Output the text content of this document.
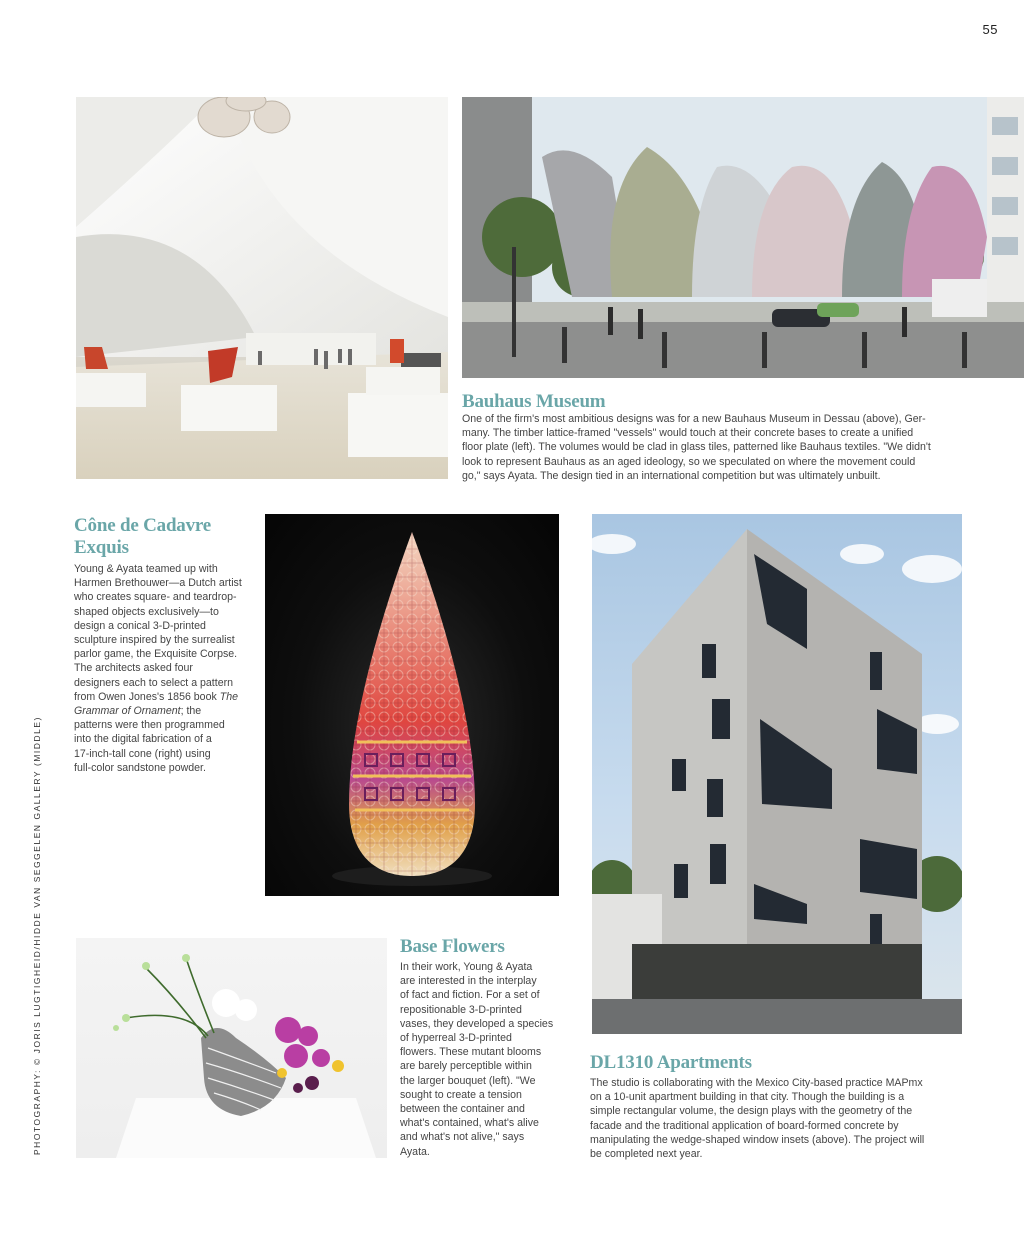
55
Bauhaus Museum
One of the firm's most ambitious designs was for a new Bauhaus Museum in Dessau (above), Ger-
many. The timber lattice-framed "vessels" would touch at their concrete bases to create a unified
floor plate (left). The volumes would be clad in glass tiles, patterned like Bauhaus textiles. "We didn't
look to represent Bauhaus as an aged ideology, so we speculated on where the movement could
go," says Ayata. The design tied in an international competition but was ultimately unbuilt.
Cône de Cadavre
Exquis
Young & Ayata teamed up with
Harmen Brethouwer—a Dutch artist
who creates square- and teardrop-
shaped objects exclusively—to
design a conical 3-D-printed
sculpture inspired by the surrealist
parlor game, the Exquisite Corpse.
The architects asked four
designers each to select a pattern
from Owen Jones's 1856 book The
Grammar of Ornament; the
patterns were then programmed
into the digital fabrication of a
17-inch-tall cone (right) using
full-color sandstone powder.
Base Flowers
In their work, Young & Ayata
are interested in the interplay
of fact and fiction. For a set of
repositionable 3-D-printed
vases, they developed a species
of hyperreal 3-D-printed
flowers. These mutant blooms
are barely perceptible within
the larger bouquet (left). "We
sought to create a tension
between the container and
what's contained, what's alive
and what's not alive," says
Ayata.
DL1310 Apartments
The studio is collaborating with the Mexico City-based practice MAPmx
on a 10-unit apartment building in that city. Though the building is a
simple rectangular volume, the design plays with the geometry of the
facade and the traditional application of board-formed concrete by
manipulating the wedge-shaped window insets (above). The project will
be completed next year.
PHOTOGRAPHY: © JORIS LUGTIGHEID/HIDDE VAN SEGGELEN GALLERY (MIDDLE)
